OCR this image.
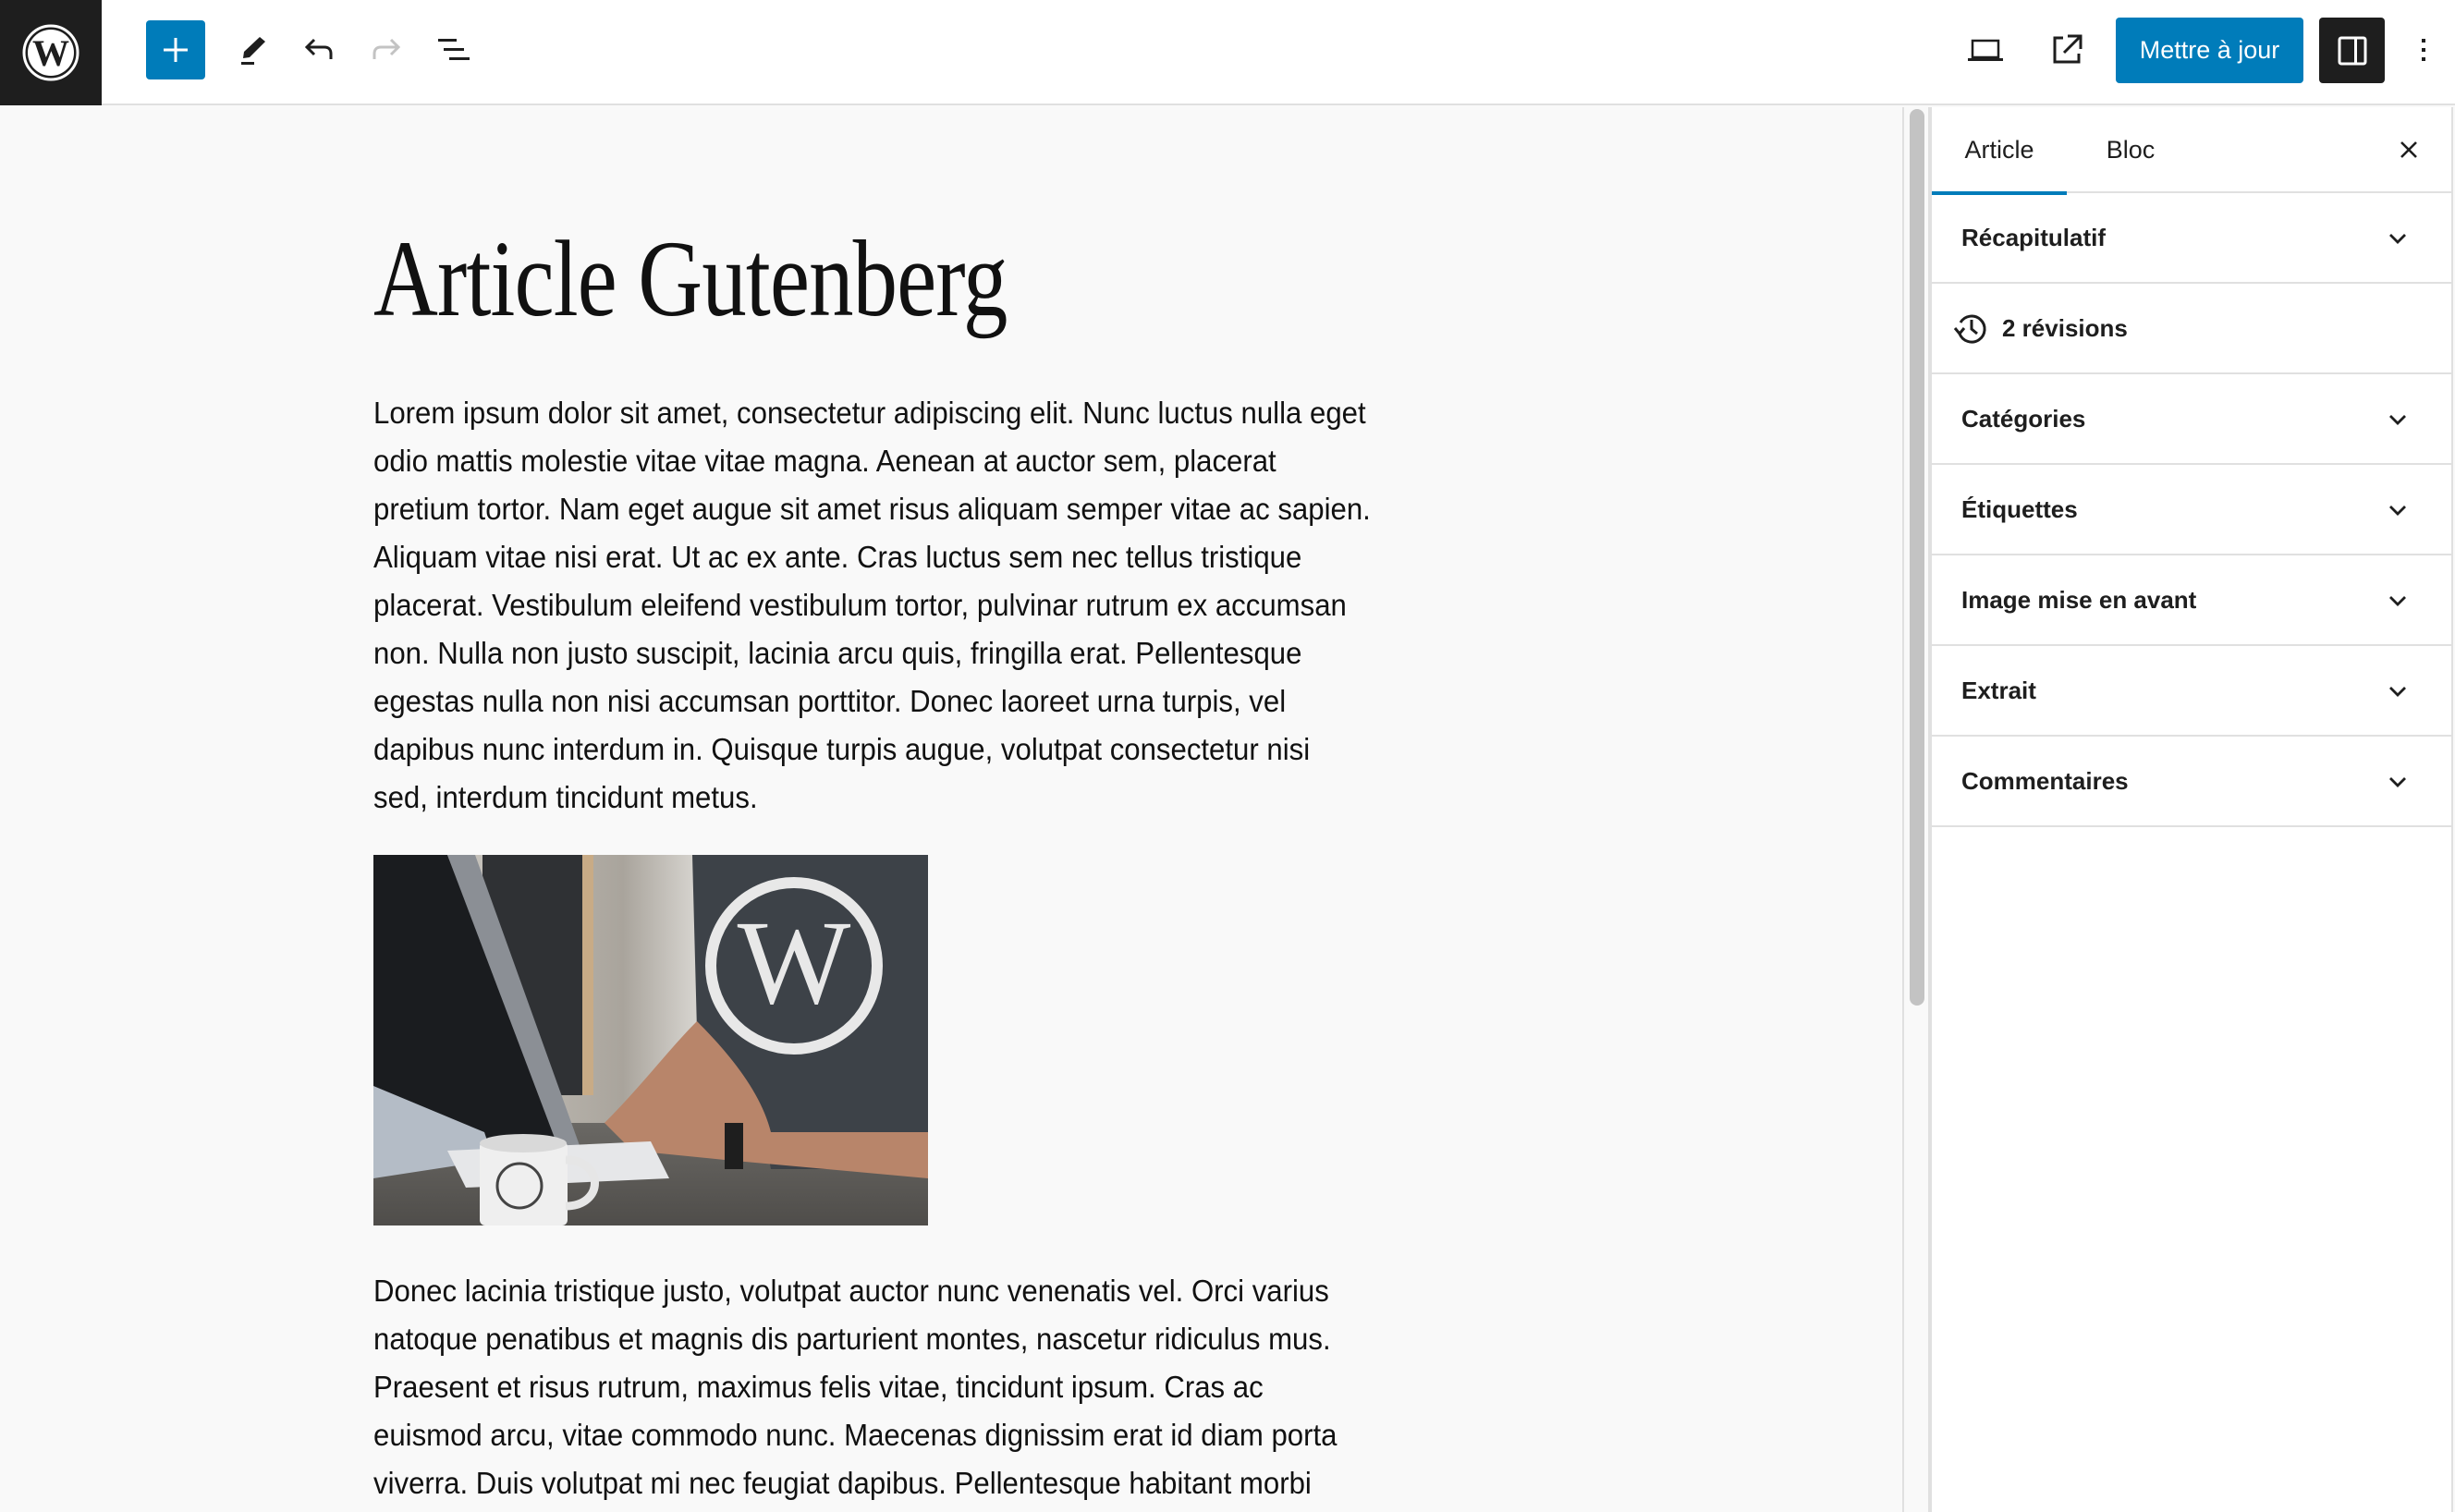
W	Mettre à jour
Article Gutenberg
Lorem ipsum dolor sit amet, consectetur adipiscing elit. Nunc luctus nulla eget
odio mattis molestie vitae vitae magna. Aenean at auctor sem, placerat
pretium tortor. Nam eget augue sit amet risus aliquam semper vitae ac sapien.
Aliquam vitae nisi erat. Ut ac ex ante. Cras luctus sem nec tellus tristique
placerat. Vestibulum eleifend vestibulum tortor, pulvinar rutrum ex accumsan
non. Nulla non justo suscipit, lacinia arcu quis, fringilla erat. Pellentesque
egestas nulla non nisi accumsan porttitor. Donec laoreet urna turpis, vel
dapibus nunc interdum in. Quisque turpis augue, volutpat consectetur nisi
sed, interdum tincidunt metus.
W
Donec lacinia tristique justo, volutpat auctor nunc venenatis vel. Orci varius
natoque penatibus et magnis dis parturient montes, nascetur ridiculus mus.
Praesent et risus rutrum, maximus felis vitae, tincidunt ipsum. Cras ac
euismod arcu, vitae commodo nunc. Maecenas dignissim erat id diam porta
viverra. Duis volutpat mi nec feugiat dapibus. Pellentesque habitant morbi
Article	Bloc
Récapitulatif
2 révisions
Catégories
Étiquettes
Image mise en avant
Extrait
Commentaires
